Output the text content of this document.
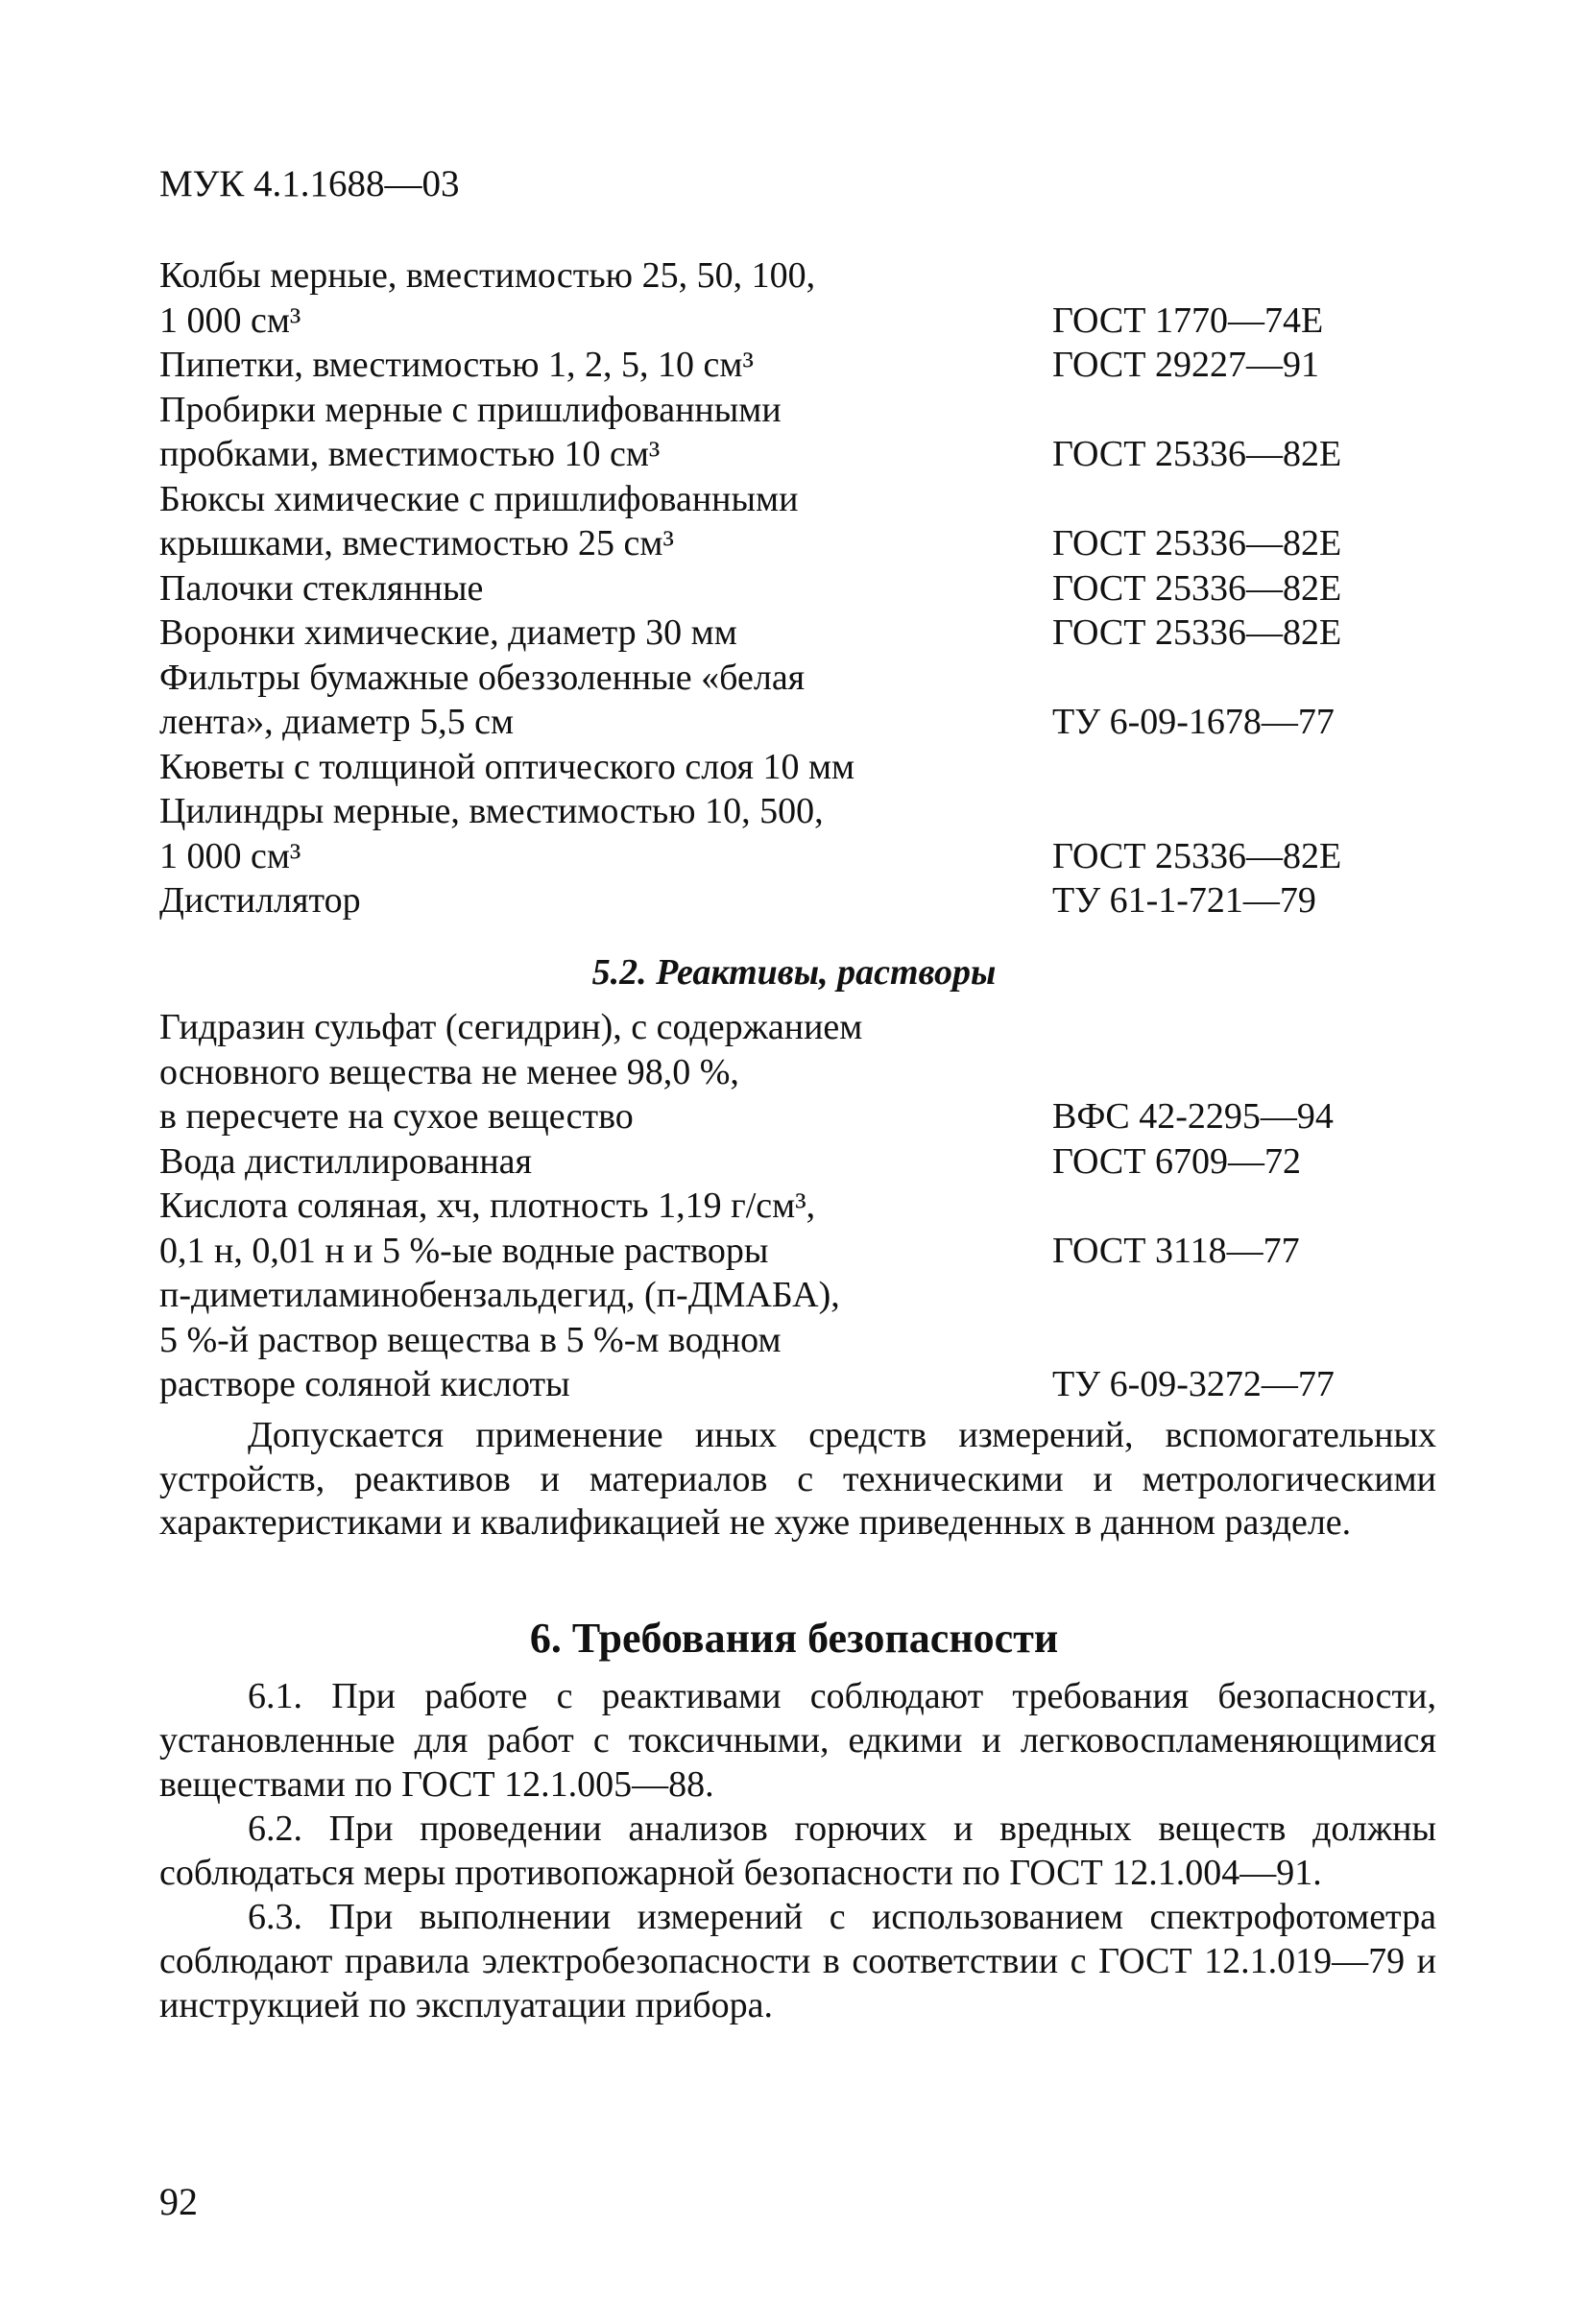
МУК 4.1.1688—03
Колбы мерные, вместимостью 25, 50, 100,
1 000 см³	ГОСТ 1770—74Е
Пипетки, вместимостью 1, 2, 5, 10 см³	ГОСТ 29227—91
Пробирки мерные с пришлифованными
пробками, вместимостью 10 см³	ГОСТ 25336—82Е
Бюксы химические с пришлифованными
крышками, вместимостью 25 см³	ГОСТ 25336—82Е
Палочки стеклянные	ГОСТ 25336—82Е
Воронки химические, диаметр 30 мм	ГОСТ 25336—82Е
Фильтры бумажные обеззоленные «белая
лента», диаметр 5,5 см	ТУ 6-09-1678—77
Кюветы с толщиной оптического слоя 10 мм
Цилиндры мерные, вместимостью 10, 500,
1 000 см³	ГОСТ 25336—82Е
Дистиллятор	ТУ 61-1-721—79
5.2. Реактивы, растворы
Гидразин сульфат (сегидрин), с содержанием
основного вещества не менее 98,0 %,
в пересчете на сухое вещество	ВФС 42-2295—94
Вода дистиллированная	ГОСТ 6709—72
Кислота соляная, хч, плотность 1,19 г/см³,
0,1 н, 0,01 н и 5 %-ые водные растворы	ГОСТ 3118—77
п-диметиламинобензальдегид, (п-ДМАБА),
5 %-й раствор вещества в 5 %-м водном
растворе соляной кислоты	ТУ 6-09-3272—77
Допускается применение иных средств измерений, вспомогательных устройств, реактивов и материалов с техническими и метрологическими характеристиками и квалификацией не хуже приведенных в данном разделе.
6. Требования безопасности

6.1. При работе с реактивами соблюдают требования безопасности, установленные для работ с токсичными, едкими и легковоспламеняющимися веществами по ГОСТ 12.1.005—88.

6.2. При проведении анализов горючих и вредных веществ должны соблюдаться меры противопожарной безопасности по ГОСТ 12.1.004—91.

6.3. При выполнении измерений с использованием спектрофотометра соблюдают правила электробезопасности в соответствии с ГОСТ 12.1.019—79 и инструкцией по эксплуатации прибора.

92
